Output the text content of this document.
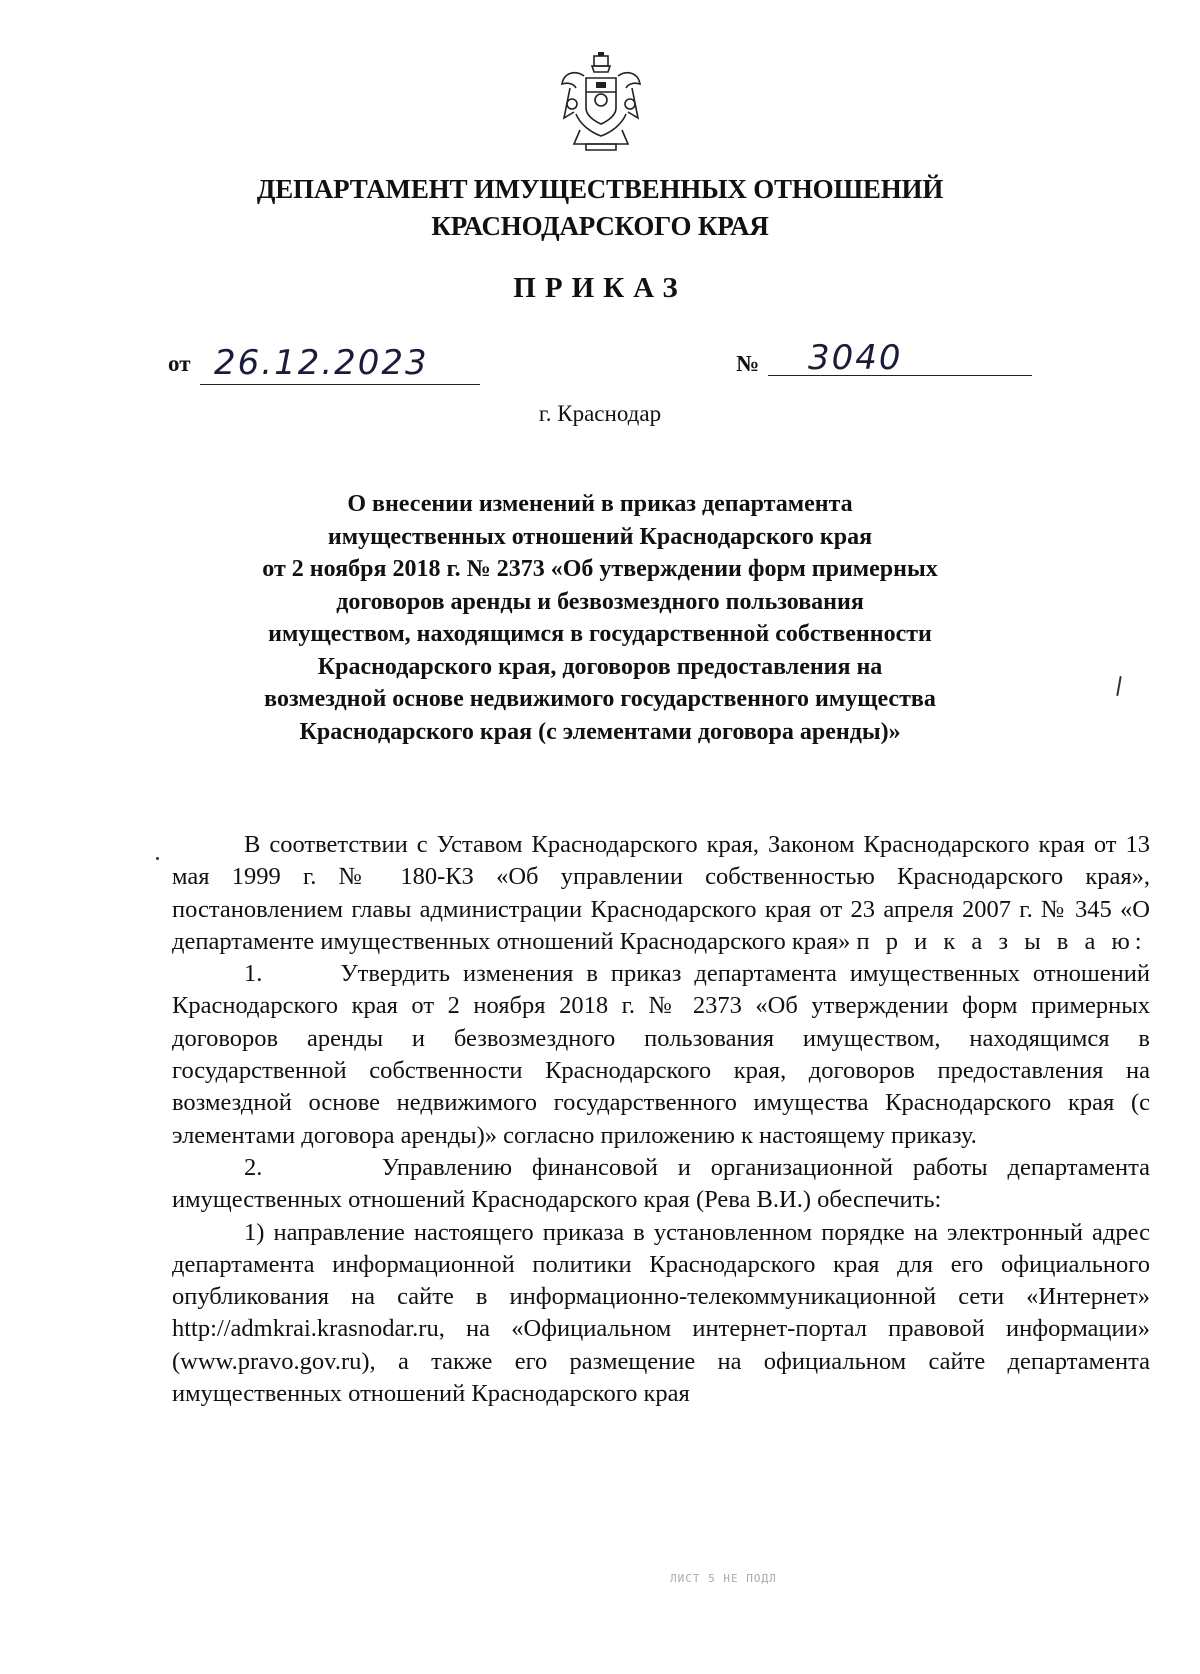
ДЕПАРТАМЕНТ ИМУЩЕСТВЕННЫХ ОТНОШЕНИЙ
КРАСНОДАРСКОГО КРАЯ
ПРИКАЗ
от 26.12.2023	№ 3040
г. Краснодар
О внесении изменений в приказ департамента
имущественных отношений Краснодарского края
от 2 ноября 2018 г. № 2373 «Об утверждении форм примерных
договоров аренды и безвозмездного пользования
имуществом, находящимся в государственной собственности
Краснодарского края, договоров предоставления на
возмездной основе недвижимого государственного имущества
Краснодарского края (с элементами договора аренды)»

В соответствии с Уставом Краснодарского края, Законом Краснодарского края от 13 мая 1999 г. № 180-КЗ «Об управлении собственностью Краснодарского края», постановлением главы администрации Краснодарского края от 23 апреля 2007 г. № 345 «О департаменте имущественных отношений Краснодарского края» п р и к а з ы в а ю:

1.	Утвердить изменения в приказ департамента имущественных отношений Краснодарского края от 2 ноября 2018 г. № 2373 «Об утверждении форм примерных договоров аренды и безвозмездного пользования имуществом, находящимся в государственной собственности Краснодарского края, договоров предоставления на возмездной основе недвижимого государственного имущества Краснодарского края (с элементами договора аренды)» согласно приложению к настоящему приказу.

2.	Управлению финансовой и организационной работы департамента имущественных отношений Краснодарского края (Рева В.И.) обеспечить:

1) направление настоящего приказа в установленном порядке на электронный адрес департамента информационной политики Краснодарского края для его официального опубликования на сайте в информационно-телекоммуникационной сети «Интернет» http://admkrai.krasnodar.ru, на «Официальном интернет-портал правовой информации» (www.pravo.gov.ru), а также его размещение на официальном сайте департамента имущественных отношений Краснодарского края

ЛИСТ 5 НЕ ПОДЛ
